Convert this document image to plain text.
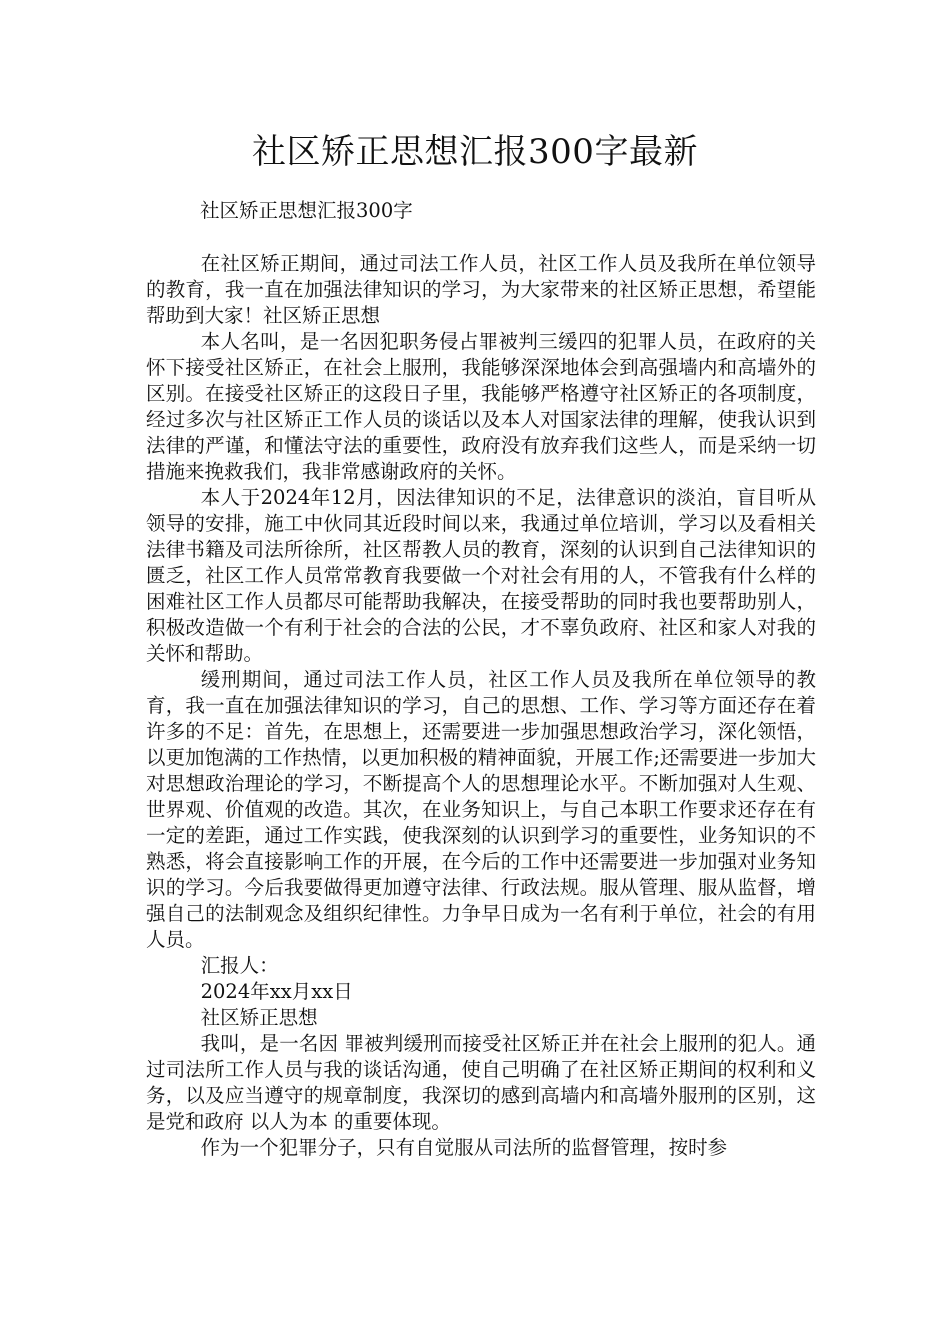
社区矫正思想汇报300字最新
社区矫正思想汇报300字

在社区矫正期间，通过司法工作人员，社区工作人员及我所在单位领导的教育，我一直在加强法律知识的学习，为大家带来的社区矫正思想，希望能帮助到大家！社区矫正思想

本人名叫，是一名因犯职务侵占罪被判三缓四的犯罪人员，在政府的关怀下接受社区矫正，在社会上服刑，我能够深深地体会到高强墙内和高墙外的区别。在接受社区矫正的这段日子里，我能够严格遵守社区矫正的各项制度，经过多次与社区矫正工作人员的谈话以及本人对国家法律的理解，使我认识到法律的严谨，和懂法守法的重要性，政府没有放弃我们这些人，而是采纳一切措施来挽救我们，我非常感谢政府的关怀。

本人于2024年12月，因法律知识的不足，法律意识的淡泊，盲目听从领导的安排，施工中伙同其近段时间以来，我通过单位培训，学习以及看相关法律书籍及司法所徐所，社区帮教人员的教育，深刻的认识到自己法律知识的匮乏，社区工作人员常常教育我要做一个对社会有用的人，不管我有什么样的困难社区工作人员都尽可能帮助我解决，在接受帮助的同时我也要帮助别人，积极改造做一个有利于社会的合法的公民，才不辜负政府、社区和家人对我的关怀和帮助。

缓刑期间，通过司法工作人员，社区工作人员及我所在单位领导的教育，我一直在加强法律知识的学习，自己的思想、工作、学习等方面还存在着许多的不足：首先，在思想上，还需要进一步加强思想政治学习，深化领悟，以更加饱满的工作热情，以更加积极的精神面貌，开展工作;还需要进一步加大对思想政治理论的学习，不断提高个人的思想理论水平。不断加强对人生观、世界观、价值观的改造。其次，在业务知识上，与自己本职工作要求还存在有一定的差距，通过工作实践，使我深刻的认识到学习的重要性，业务知识的不熟悉，将会直接影响工作的开展，在今后的工作中还需要进一步加强对业务知识的学习。今后我要做得更加遵守法律、行政法规。服从管理、服从监督，增强自己的法制观念及组织纪律性。力争早日成为一名有利于单位，社会的有用人员。

汇报人：

2024年xx月xx日

社区矫正思想

我叫，是一名因 罪被判缓刑而接受社区矫正并在社会上服刑的犯人。通过司法所工作人员与我的谈话沟通，使自己明确了在社区矫正期间的权利和义务，以及应当遵守的规章制度，我深切的感到高墙内和高墙外服刑的区别，这是党和政府 以人为本 的重要体现。

作为一个犯罪分子，只有自觉服从司法所的监督管理，按时参
